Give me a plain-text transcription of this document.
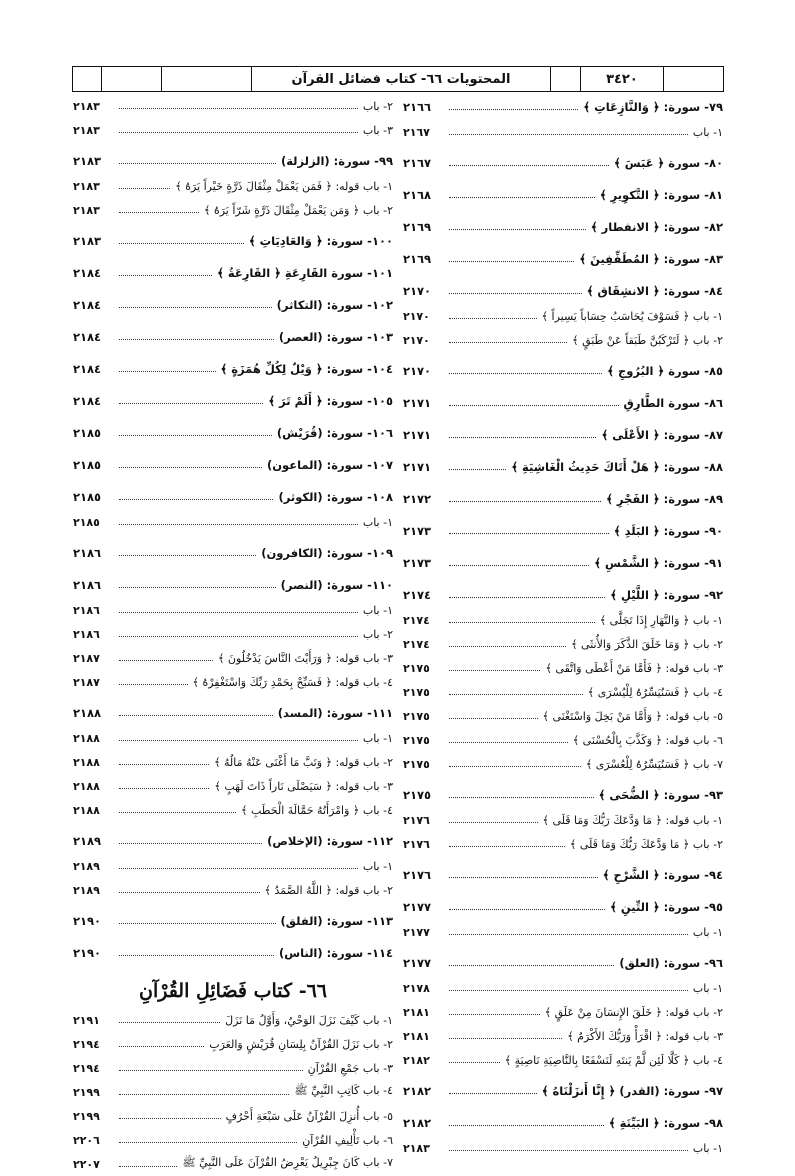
المحتويات ٦٦- كتاب فضائل القرآن	٣٤٢٠
٧٩- سورة: ﴿ وَالنَّازِعَاتِ ﴾
٢١٦٦
١- باب
٢١٦٧
٨٠- سورة ﴿ عَبَسَ ﴾
٢١٦٧
٨١- سورة: ﴿ التَّكوِيرِ ﴾
٢١٦٨
٨٢- سورة: ﴿ الانفطار ﴾
٢١٦٩
٨٣- سورة: ﴿ المُطَفِّفِينَ ﴾
٢١٦٩
٨٤- سورة: ﴿ الانشِقَاق ﴾
٢١٧٠
١- باب ﴿ فَسَوْفَ يُحَاسَبُ حِسَاباً يَسِيراً ﴾
٢١٧٠
٢- باب ﴿ لَتَرْكَبُنَّ طَبَقاً عَنْ طَبَقٍ ﴾
٢١٧٠
٨٥- سورة ﴿ البُرُوجِ ﴾
٢١٧٠
٨٦- سورة الطَّارِقِ
٢١٧١
٨٧- سورة: ﴿ الأَعْلَى ﴾
٢١٧١
٨٨- سورة: ﴿ هَلْ أَتَاكَ حَدِيثُ الْغَاشِيَةِ ﴾
٢١٧١
٨٩- سورة: ﴿ الفَجْرِ ﴾
٢١٧٢
٩٠- سورة: ﴿ البَلَدِ ﴾
٢١٧٣
٩١- سورة: ﴿ الشَّمْسِ ﴾
٢١٧٣
٩٢- سورة: ﴿ اللَّيْلِ ﴾
٢١٧٤
١- باب ﴿ وَالنَّهَارِ إِذَا تَجَلَّى ﴾
٢١٧٤
٢- باب ﴿ وَمَا خَلَقَ الذَّكَرَ وَالأُنثَى ﴾
٢١٧٤
٣- باب قوله: ﴿ فَأَمَّا مَنْ أَعْطَى وَاتَّقَى ﴾
٢١٧٥
٤- باب ﴿ فَسَنُيَسِّرُهُ لِلْيُسْرَى ﴾
٢١٧٥
٥- باب قوله: ﴿ وَأَمَّا مَنْ بَخِلَ وَاسْتَغْنَى ﴾
٢١٧٥
٦- باب قوله: ﴿ وَكَذَّبَ بِالْحُسْنَى ﴾
٢١٧٥
٧- باب ﴿ فَسَنُيَسِّرُهُ لِلْعُسْرَى ﴾
٢١٧٥
٩٣- سورة: ﴿ الضُّحَى ﴾
٢١٧٥
١- باب قوله: ﴿ مَا وَدَّعَكَ رَبُّكَ وَمَا قَلَى ﴾
٢١٧٦
٢- باب ﴿ مَا وَدَّعَكَ رَبُّكَ وَمَا قَلَى ﴾
٢١٧٦
٩٤- سورة: ﴿ الشَّرْحِ ﴾
٢١٧٦
٩٥- سورة: ﴿ التِّينِ ﴾
٢١٧٧
١- باب
٢١٧٧
٩٦- سورة: (العلق)
٢١٧٧
١- باب
٢١٧٨
٢- باب قوله: ﴿ خَلَقَ الإِنسَانَ مِنْ عَلَقٍ ﴾
٢١٨١
٣- باب قوله: ﴿ اقْرَأْ وَرَبُّكَ الأَكْرَمُ ﴾
٢١٨١
٤- باب ﴿ كَلَّا لَئِن لَّمْ يَنتَهِ لَنَسْفَعًا بِالنَّاصِيَةِ نَاصِيَةٍ ﴾
٢١٨٢
٩٧- سورة: (القدر) ﴿ إِنَّا أَنزَلْنَاهُ ﴾
٢١٨٢
٩٨- سورة: ﴿ البَيِّنَةِ ﴾
٢١٨٢
١- باب
٢١٨٣
٢- باب
٢١٨٣
٣- باب
٢١٨٣
٩٩- سورة: (الزلزلة)
٢١٨٣
١- باب قوله: ﴿ فَمَن يَعْمَلْ مِثْقَالَ ذَرَّةٍ خَيْراً يَرَهُ ﴾
٢١٨٣
٢- باب ﴿ وَمَن يَعْمَلْ مِثْقَالَ ذَرَّةٍ شَرّاً يَرَهُ ﴾
٢١٨٣
١٠٠- سورة: ﴿ وَالعَادِيَاتِ ﴾
٢١٨٣
١٠١- سورة القَارِعَةِ ﴿ القَارِعَةُ ﴾
٢١٨٤
١٠٢- سورة: (التكاثر)
٢١٨٤
١٠٣- سورة: (العصر)
٢١٨٤
١٠٤- سورة: ﴿ وَيْلٌ لِكُلِّ هُمَزَةٍ ﴾
٢١٨٤
١٠٥- سورة: ﴿ أَلَمْ تَرَ ﴾
٢١٨٤
١٠٦- سورة: (قُرَيْش)
٢١٨٥
١٠٧- سورة: (الماعون)
٢١٨٥
١٠٨- سورة: (الكوثر)
٢١٨٥
١- باب
٢١٨٥
١٠٩- سورة: (الكافرون)
٢١٨٦
١١٠- سورة: (النصر)
٢١٨٦
١- باب
٢١٨٦
٢- باب
٢١٨٦
٣- باب قوله: ﴿ وَرَأَيْتَ النَّاسَ يَدْخُلُونَ ﴾
٢١٨٧
٤- باب قوله: ﴿ فَسَبِّحْ بِحَمْدِ رَبِّكَ وَاسْتَغْفِرْهُ ﴾
٢١٨٧
١١١- سورة: (المسد)
٢١٨٨
١- باب
٢١٨٨
٢- باب قوله: ﴿ وَتَبَّ مَا أَغْنَى عَنْهُ مَالُهُ ﴾
٢١٨٨
٣- باب قوله: ﴿ سَيَصْلَى نَاراً ذَاتَ لَهَبٍ ﴾
٢١٨٨
٤- باب ﴿ وَامْرَأَتُهُ حَمَّالَةَ الْحَطَبِ ﴾
٢١٨٨
١١٢- سورة: (الإخلاص)
٢١٨٩
١- باب
٢١٨٩
٢- باب قوله: ﴿ اللَّهُ الصَّمَدُ ﴾
٢١٨٩
١١٣- سورة: (الفلق)
٢١٩٠
١١٤- سورة: (الناس)
٢١٩٠
٦٦- كتاب فَضَائِلِ القُرْآنِ
١- باب كَيْفَ نَزَلَ الوَحْيُ، وَأَوَّلُ مَا نَزَلَ
٢١٩١
٢- باب نَزَلَ القُرْآنُ بِلِسَانِ قُرَيْشٍ وَالعَرَبِ
٢١٩٤
٣- باب جَمْعِ القُرْآنِ
٢١٩٤
٤- باب كَاتِبِ النَّبِيِّ ﷺ
٢١٩٩
٥- باب أُنزِلَ القُرْآنُ عَلَى سَبْعَةِ أَحْرُفٍ
٢١٩٩
٦- باب تَأْلِيفِ القُرْآنِ
٢٢٠٦
٧- باب كَانَ جِبْرِيلُ يَعْرِضُ القُرْآنَ عَلَى النَّبِيِّ ﷺ
٢٢٠٧
